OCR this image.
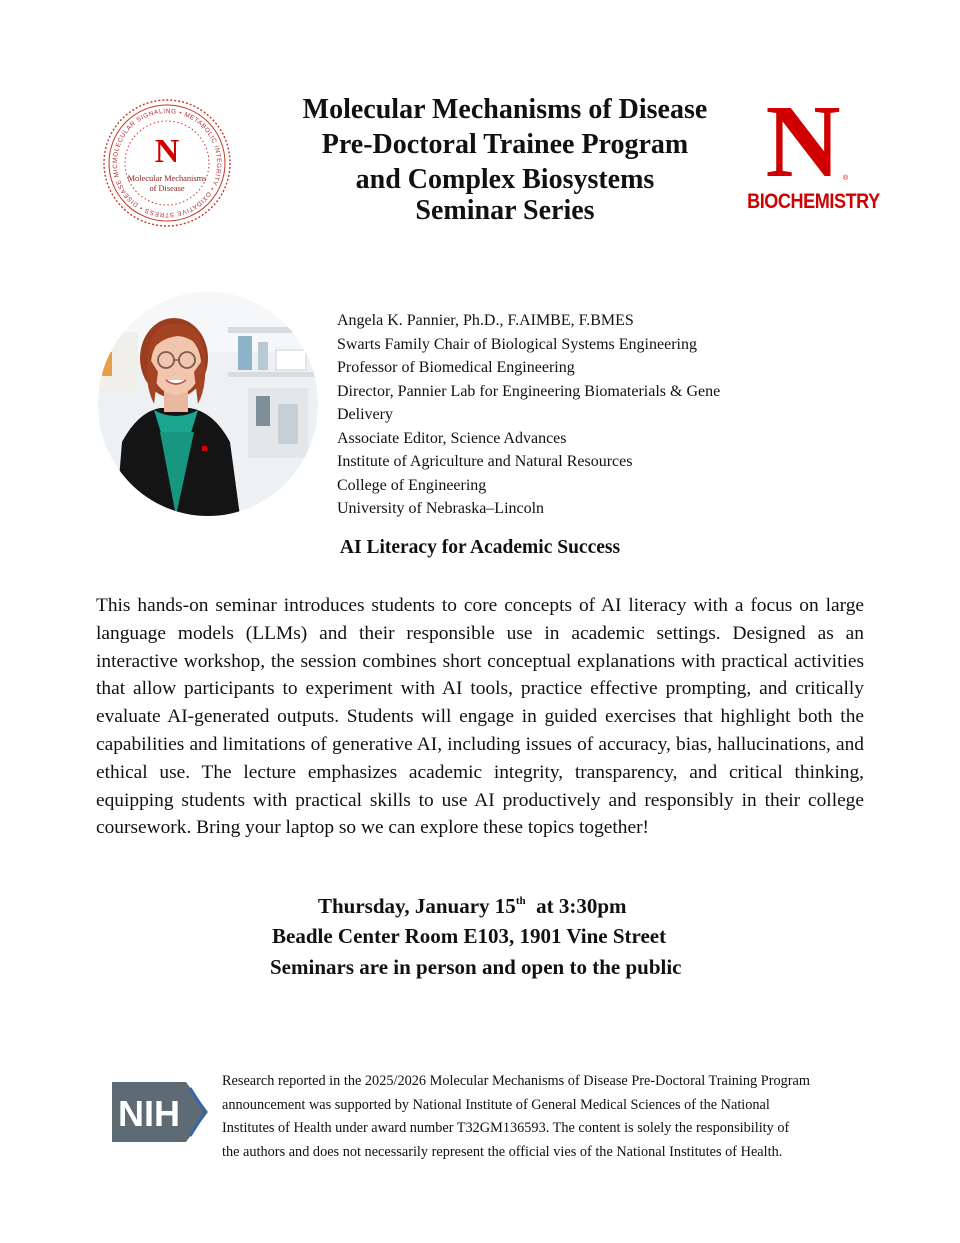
MOLECULAR SIGNALING • METABOLIC INTEGRITY • OXIDATIVE STRESS • DISEASE MIC	N
Molecular Mechanisms
of Disease
Molecular Mechanisms of Disease
Pre-Doctoral Trainee Program
and Complex Biosystems
Seminar Series
N ®
BIOCHEMISTRY
Angela K. Pannier, Ph.D., F.AIMBE, F.BMES
Swarts Family Chair of Biological Systems Engineering
Professor of Biomedical Engineering
Director, Pannier Lab for Engineering Biomaterials & Gene
Delivery
Associate Editor, Science Advances
Institute of Agriculture and Natural Resources
College of Engineering
University of Nebraska–Lincoln
AI Literacy for Academic Success
This hands-on seminar introduces students to core concepts of AI literacy with a focus on large language models (LLMs) and their responsible use in academic settings. Designed as an interactive workshop, the session combines short conceptual explanations with practical activities that allow participants to experiment with AI tools, practice effective prompting, and critically evaluate AI-generated outputs. Students will engage in guided exercises that highlight both the capabilities and limitations of generative AI, including issues of accuracy, bias, hallucinations, and ethical use. The lecture emphasizes academic integrity, transparency, and critical thinking, equipping students with practical skills to use AI productively and responsibly in their college coursework. Bring your laptop so we can explore these topics together!
Thursday, January 15th at 3:30pm
Beadle Center Room E103, 1901 Vine Street
Seminars are in person and open to the public
NIH
Research reported in the 2025/2026 Molecular Mechanisms of Disease Pre-Doctoral Training Program
announcement was supported by National Institute of General Medical Sciences of the National
Institutes of Health under award number T32GM136593. The content is solely the responsibility of
the authors and does not necessarily represent the official vies of the National Institutes of Health.
